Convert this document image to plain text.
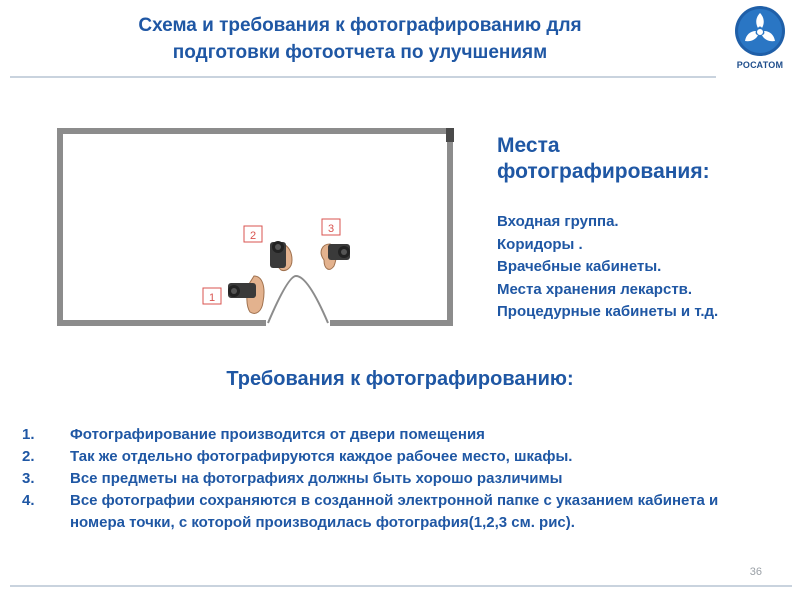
Схема и требования к фотографированию для
подготовки фотоотчета по улучшениям
РОСАТОМ
1
2
3
Места
фотографирования:
Входная группа.
Коридоры .
Врачебные кабинеты.
Места хранения лекарств.
Процедурные кабинеты и т.д.
Требования к фотографированию:
1. Фотографирование производится от двери помещения
2. Так же отдельно фотографируются каждое рабочее место, шкафы.
3. Все предметы на фотографиях должны быть хорошо различимы
4. Все фотографии сохраняются в созданной электронной папке с указанием кабинета и номера точки, с которой производилась фотография(1,2,3 см. рис).
36
